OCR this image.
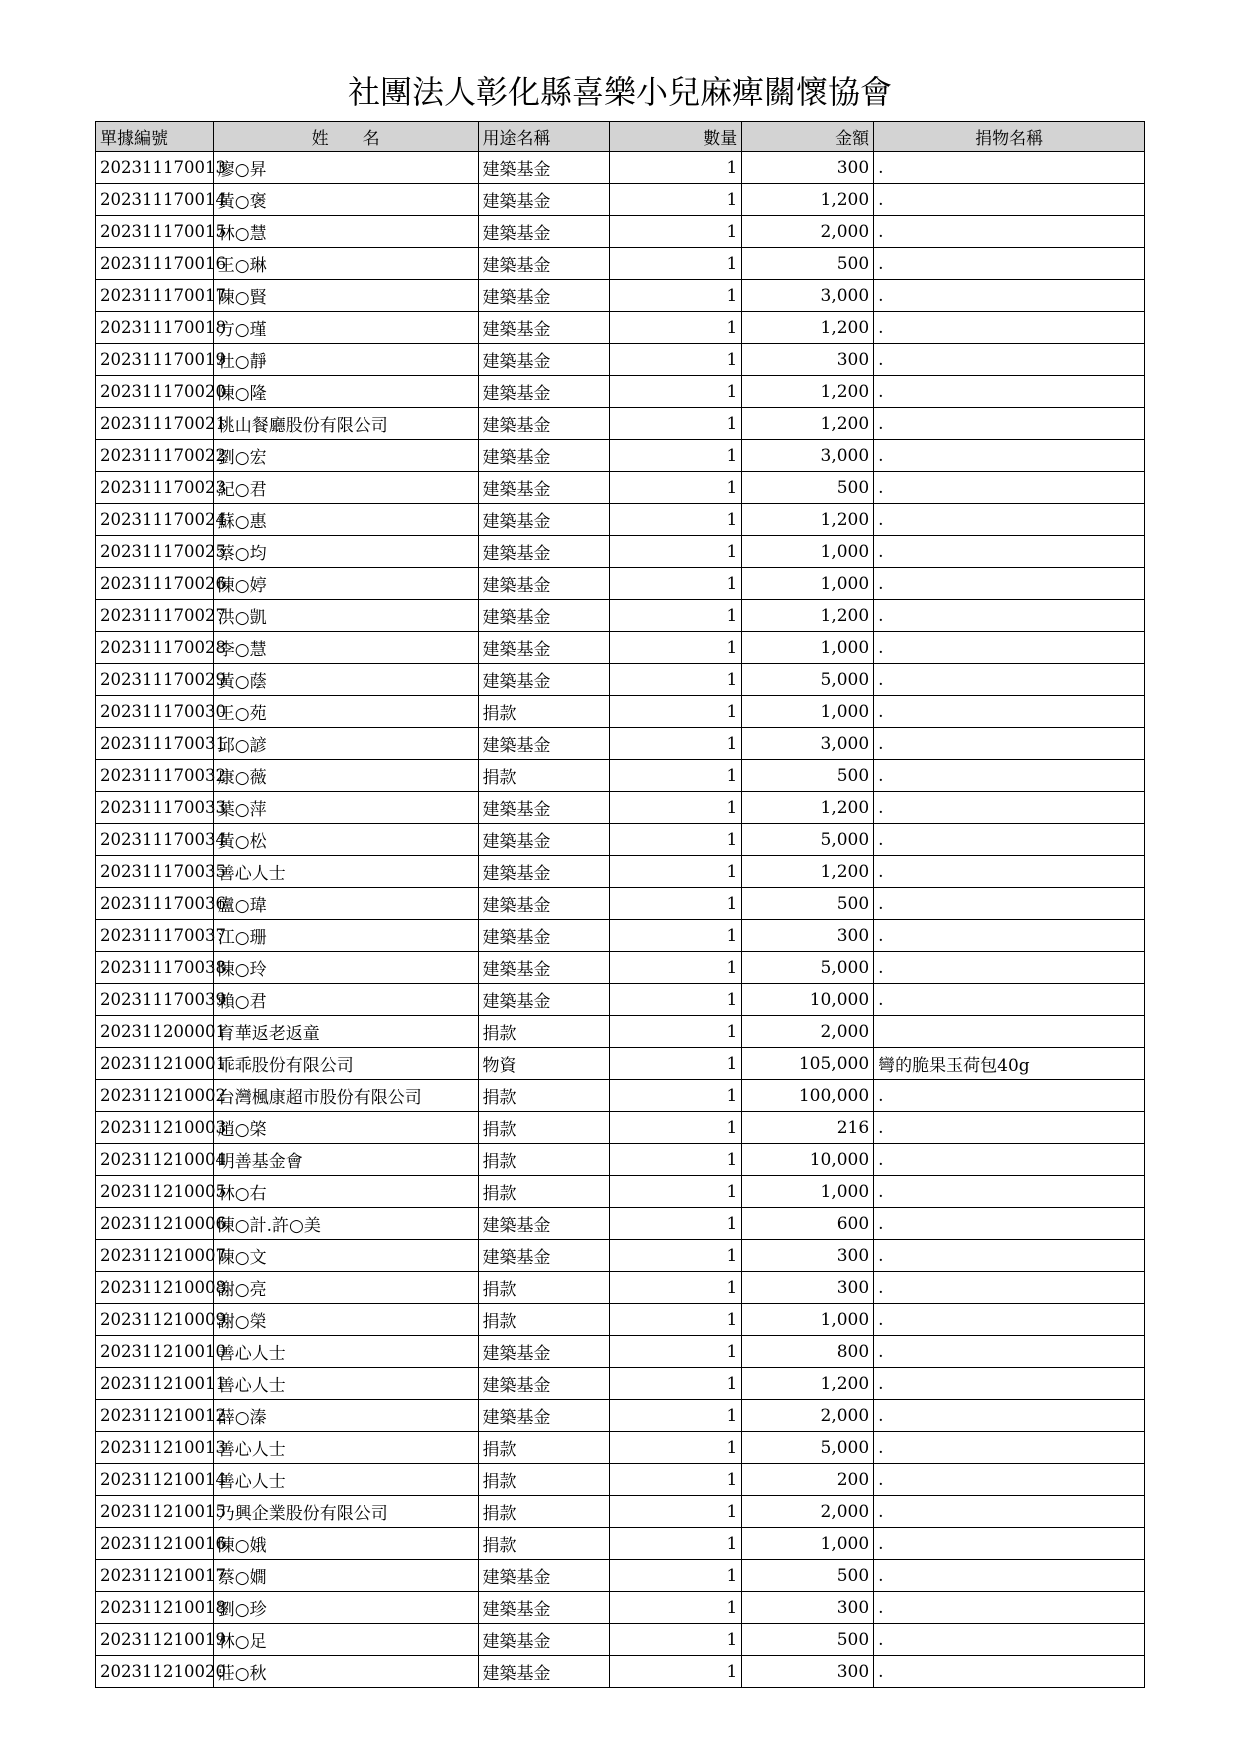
社團法人彰化縣喜樂小兒麻痺關懷協會
單據編號	姓　　名	用途名稱	數量	金額	捐物名稱
202311170013	廖○昇	建築基金	1	300	.
202311170014	黃○褒	建築基金	1	1,200	.
202311170015	林○慧	建築基金	1	2,000	.
202311170016	王○琳	建築基金	1	500	.
202311170017	陳○賢	建築基金	1	3,000	.
202311170018	方○瑾	建築基金	1	1,200	.
202311170019	杜○靜	建築基金	1	300	.
202311170020	陳○隆	建築基金	1	1,200	.
202311170021	桃山餐廳股份有限公司	建築基金	1	1,200	.
202311170022	劉○宏	建築基金	1	3,000	.
202311170023	紀○君	建築基金	1	500	.
202311170024	蘇○惠	建築基金	1	1,200	.
202311170025	蔡○均	建築基金	1	1,000	.
202311170026	陳○婷	建築基金	1	1,000	.
202311170027	洪○凱	建築基金	1	1,200	.
202311170028	李○慧	建築基金	1	1,000	.
202311170029	黃○蔭	建築基金	1	5,000	.
202311170030	王○苑	捐款	1	1,000	.
202311170031	邱○諺	建築基金	1	3,000	.
202311170032	康○薇	捐款	1	500	.
202311170033	葉○萍	建築基金	1	1,200	.
202311170034	黃○松	建築基金	1	5,000	.
202311170035	善心人士	建築基金	1	1,200	.
202311170036	盧○瑋	建築基金	1	500	.
202311170037	江○珊	建築基金	1	300	.
202311170038	陳○玲	建築基金	1	5,000	.
202311170039	賴○君	建築基金	1	10,000	.
202311200001	育華返老返童	捐款	1	2,000	
202311210001	乖乖股份有限公司	物資	1	105,000	彎的脆果玉荷包40g
202311210002	台灣楓康超市股份有限公司	捐款	1	100,000	.
202311210003	趙○棨	捐款	1	216	.
202311210004	明善基金會	捐款	1	10,000	.
202311210005	林○右	捐款	1	1,000	.
202311210006	陳○計.許○美	建築基金	1	600	.
202311210007	陳○文	建築基金	1	300	.
202311210008	謝○亮	捐款	1	300	.
202311210009	謝○榮	捐款	1	1,000	.
202311210010	善心人士	建築基金	1	800	.
202311210011	善心人士	建築基金	1	1,200	.
202311210012	薛○溱	建築基金	1	2,000	.
202311210013	善心人士	捐款	1	5,000	.
202311210014	善心人士	捐款	1	200	.
202311210015	乃興企業股份有限公司	捐款	1	2,000	.
202311210016	陳○娥	捐款	1	1,000	.
202311210017	蔡○嫺	建築基金	1	500	.
202311210018	劉○珍	建築基金	1	300	.
202311210019	林○足	建築基金	1	500	.
202311210020	莊○秋	建築基金	1	300	.
